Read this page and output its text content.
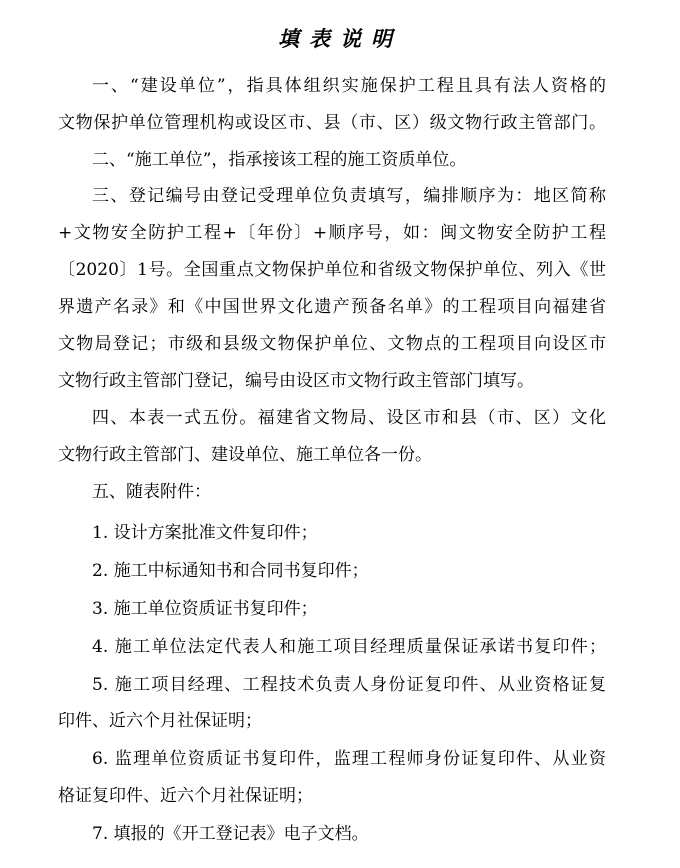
填表说明
一、“建设单位”，指具体组织实施保护工程且具有法人资格的
文物保护单位管理机构或设区市、县（市、区）级文物行政主管部门。
二、“施工单位”，指承接该工程的施工资质单位。
三、登记编号由登记受理单位负责填写，编排顺序为：地区简称
+文物安全防护工程+〔年份〕+顺序号，如：闽文物安全防护工程
〔2020〕1号。全国重点文物保护单位和省级文物保护单位、列入《世
界遗产名录》和《中国世界文化遗产预备名单》的工程项目向福建省
文物局登记；市级和县级文物保护单位、文物点的工程项目向设区市
文物行政主管部门登记，编号由设区市文物行政主管部门填写。
四、本表一式五份。福建省文物局、设区市和县（市、区）文化
文物行政主管部门、建设单位、施工单位各一份。
五、随表附件：
1. 设计方案批准文件复印件；
2. 施工中标通知书和合同书复印件；
3. 施工单位资质证书复印件；
4. 施工单位法定代表人和施工项目经理质量保证承诺书复印件；
5. 施工项目经理、工程技术负责人身份证复印件、从业资格证复
印件、近六个月社保证明；
6. 监理单位资质证书复印件，监理工程师身份证复印件、从业资
格证复印件、近六个月社保证明；
7. 填报的《开工登记表》电子文档。
